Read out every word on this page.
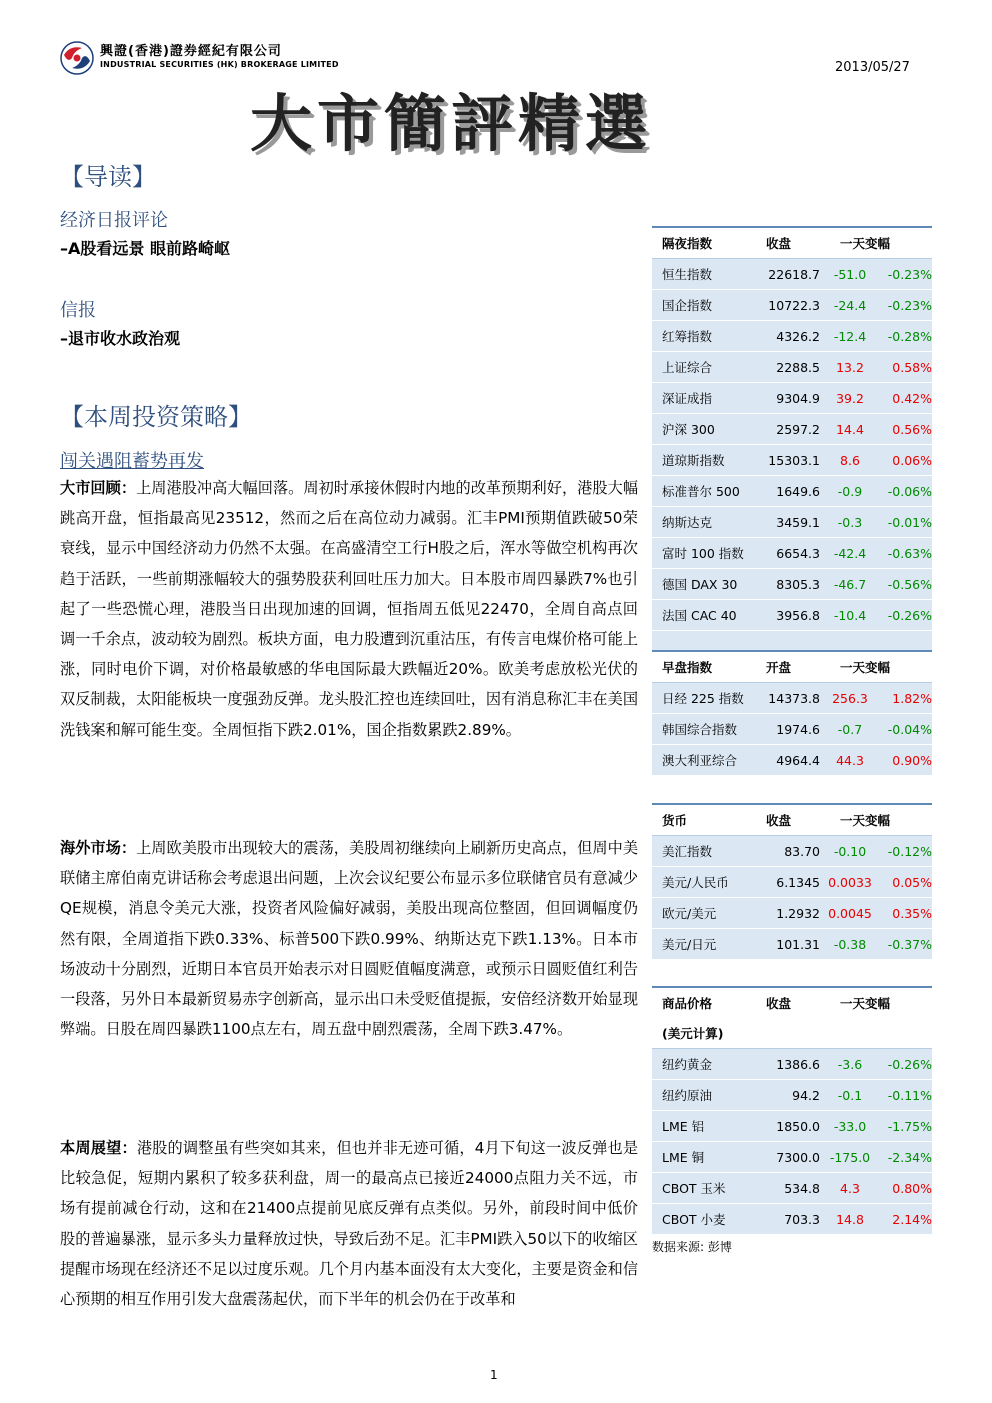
興證(香港)證券經紀有限公司
INDUSTRIAL SECURITIES (HK) BROKERAGE LIMITED	2013/05/27
大市簡評精選
【导读】
经济日报评论
–A股看远景 眼前路崎岖
信报
–退市收水政治观
【本周投资策略】
闯关遇阻蓄势再发
大市回顾：上周港股冲高大幅回落。周初时承接休假时内地的改革预期利好，港股大幅跳高开盘，恒指最高见23512，然而之后在高位动力减弱。汇丰PMI预期值跌破50荣衰线，显示中国经济动力仍然不太强。在高盛清空工行H股之后，浑水等做空机构再次趋于活跃，一些前期涨幅较大的强势股获利回吐压力加大。日本股市周四暴跌7%也引起了一些恐慌心理，港股当日出现加速的回调，恒指周五低见22470，全周自高点回调一千余点，波动较为剧烈。板块方面，电力股遭到沉重沽压，有传言电煤价格可能上涨，同时电价下调，对价格最敏感的华电国际最大跌幅近20%。欧美考虑放松光伏的双反制裁，太阳能板块一度强劲反弹。龙头股汇控也连续回吐，因有消息称汇丰在美国洗钱案和解可能生变。全周恒指下跌2.01%，国企指数累跌2.89%。
海外市场：上周欧美股市出现较大的震荡，美股周初继续向上刷新历史高点，但周中美联储主席伯南克讲话称会考虑退出问题，上次会议纪要公布显示多位联储官员有意减少QE规模，消息令美元大涨，投资者风险偏好减弱，美股出现高位整固，但回调幅度仍然有限，全周道指下跌0.33%、标普500下跌0.99%、纳斯达克下跌1.13%。日本市场波动十分剧烈，近期日本官员开始表示对日圆贬值幅度满意，或预示日圆贬值红利告一段落，另外日本最新贸易赤字创新高，显示出口未受贬值提振，安倍经济数开始显现弊端。日股在周四暴跌1100点左右，周五盘中剧烈震荡，全周下跌3.47%。
本周展望：港股的调整虽有些突如其来，但也并非无迹可循，4月下旬这一波反弹也是比较急促，短期内累积了较多获利盘，周一的最高点已接近24000点阻力关不远，市场有提前减仓行动，这和在21400点提前见底反弹有点类似。另外，前段时间中低价股的普遍暴涨，显示多头力量释放过快，导致后劲不足。汇丰PMI跌入50以下的收缩区提醒市场现在经济还不足以过度乐观。几个月内基本面没有太大变化，主要是资金和信心预期的相互作用引发大盘震荡起伏，而下半年的机会仍在于改革和
1
隔夜指数	收盘	一天变幅
恒生指数	22618.7	-51.0	-0.23%
国企指数	10722.3	-24.4	-0.23%
红筹指数	4326.2	-12.4	-0.28%
上证综合	2288.5	13.2	0.58%
深证成指	9304.9	39.2	0.42%
沪深 300	2597.2	14.4	0.56%
道琼斯指数	15303.1	8.6	0.06%
标准普尔 500	1649.6	-0.9	-0.06%
纳斯达克	3459.1	-0.3	-0.01%
富时 100 指数	6654.3	-42.4	-0.63%
德国 DAX 30	8305.3	-46.7	-0.56%
法国 CAC 40	3956.8	-10.4	-0.26%
早盘指数	开盘	一天变幅
日经 225 指数	14373.8 256.3	1.82%
韩国综合指数	1974.6	-0.7	-0.04%
澳大利亚综合	4964.4	44.3	0.90%
货币	收盘	一天变幅
美汇指数	83.70	-0.10	-0.12%
美元/人民币	6.1345 0.0033	0.05%
欧元/美元	1.2932 0.0045	0.35%
美元/日元	101.31	-0.38	-0.37%
商品价格	收盘	一天变幅
(美元计算)
纽约黄金	1386.6	-3.6	-0.26%
纽约原油	94.2	-0.1	-0.11%
LME 铝	1850.0	-33.0	-1.75%
LME 铜	7300.0 -175.0	-2.34%
CBOT 玉米	534.8	4.3	0.80%
CBOT 小麦	703.3	14.8	2.14%
数据来源: 彭博
